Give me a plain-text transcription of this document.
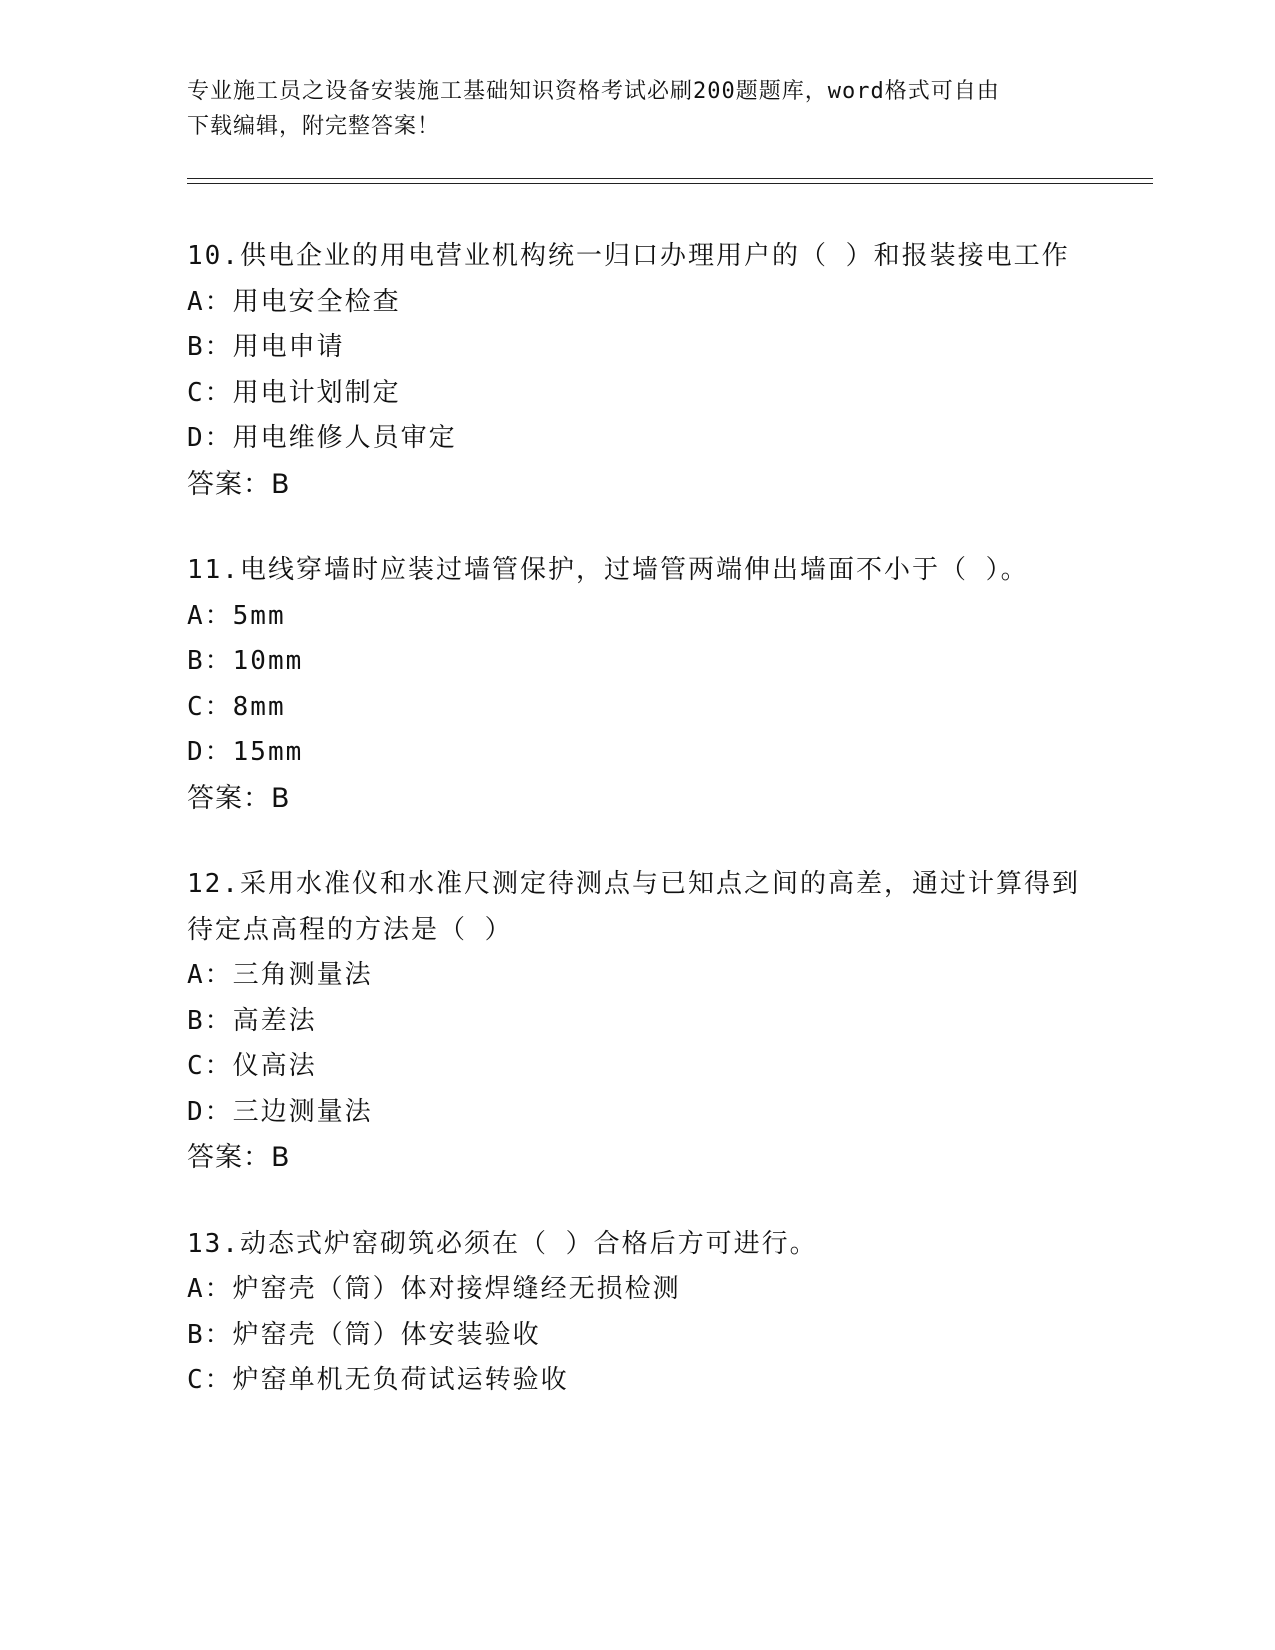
专业施工员之设备安装施工基础知识资格考试必刷200题题库，word格式可自由
下载编辑，附完整答案！
10.供电企业的用电营业机构统一归口办理用户的（ ）和报装接电工作
A：用电安全检查
B：用电申请
C：用电计划制定
D：用电维修人员审定
答案：B
11.电线穿墙时应装过墙管保护，过墙管两端伸出墙面不小于（ ）。
A：5mm
B：10mm
C：8mm
D：15mm
答案：B
12.采用水准仪和水准尺测定待测点与已知点之间的高差，通过计算得到待定点高程的方法是（ ）
A：三角测量法
B：高差法
C：仪高法
D：三边测量法
答案：B
13.动态式炉窑砌筑必须在（ ）合格后方可进行。
A：炉窑壳（筒）体对接焊缝经无损检测
B：炉窑壳（筒）体安装验收
C：炉窑单机无负荷试运转验收
